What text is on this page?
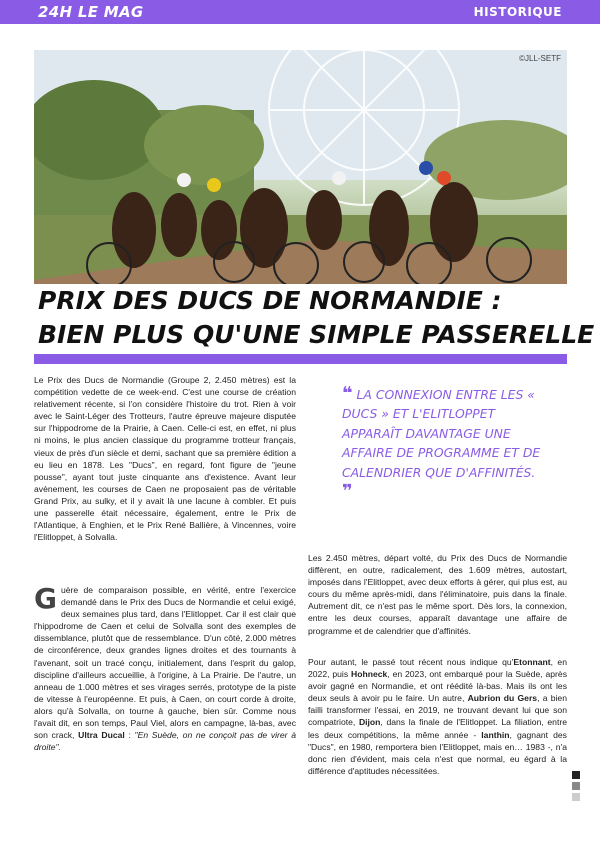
24H LE MAG	HISTORIQUE
©JLL-SETF
PRIX DES DUCS DE NORMANDIE :
BIEN PLUS QU'UNE SIMPLE PASSERELLE

Le Prix des Ducs de Normandie (Groupe 2, 2.450 mètres) est la compétition vedette de ce week-end. C'est une course de création relativement récente, si l'on considère l'histoire du trot. Rien à voir avec le Saint-Léger des Trotteurs, l'autre épreuve majeure disputée sur l'hippodrome de la Prairie, à Caen. Celle-ci est, en effet, ni plus ni moins, le plus ancien classique du programme trotteur français, vieux de près d'un siècle et demi, sachant que sa première édition a eu lieu en 1878. Les "Ducs", en regard, font figure de "jeune pousse", ayant tout juste cinquante ans d'existence. Avant leur avènement, les courses de Caen ne proposaient pas de véritable Grand Prix, au sulky, et il y avait là une lacune à combler. Et puis une passerelle était nécessaire, également, entre le Prix de l'Atlantique, à Enghien, et le Prix René Ballière, à Vincennes, voire l'Elitloppet, à Solvalla.

Guère de comparaison possible, en vérité, entre l'exercice demandé dans le Prix des Ducs de Normandie et celui exigé, deux semaines plus tard, dans l'Elitloppet. Car il est clair que l'hippodrome de Caen et celui de Solvalla sont des exemples de dissemblance, plutôt que de ressemblance. D'un côté, 2.000 mètres de circonférence, deux grandes lignes droites et des tournants à l'avenant, soit un tracé conçu, initialement, dans l'esprit du galop, discipline d'ailleurs accueillie, à l'origine, à La Prairie. De l'autre, un anneau de 1.000 mètres et ses virages serrés, prototype de la piste de vitesse à l'européenne. Et puis, à Caen, on court corde à droite, alors qu'à Solvalla, on tourne à gauche, bien sûr. Comme nous l'avait dit, en son temps, Paul Viel, alors en campagne, là-bas, avec son crack, Ultra Ducal : "En Suède, on ne conçoit pas de virer à droite".

❝ LA CONNEXION ENTRE LES « DUCS » ET L'ELITLOPPET APPARAÎT DAVANTAGE UNE AFFAIRE DE PROGRAMME ET DE CALENDRIER QUE D'AFFINITÉS. ❞

Les 2.450 mètres, départ volté, du Prix des Ducs de Normandie diffèrent, en outre, radicalement, des 1.609 mètres, autostart, imposés dans l'Elitloppet, avec deux efforts à gérer, qui plus est, au cours du même après-midi, dans l'éliminatoire, puis dans la finale. Autrement dit, ce n'est pas le même sport. Dès lors, la connexion, entre les deux courses, apparaît davantage une affaire de programme et de calendrier que d'affinités.

Pour autant, le passé tout récent nous indique qu'Etonnant, en 2022, puis Hohneck, en 2023, ont embarqué pour la Suède, après avoir gagné en Normandie, et ont réédité là-bas. Mais ils ont les deux seuls à avoir pu le faire. Un autre, Aubrion du Gers, a bien failli transformer l'essai, en 2019, ne trouvant devant lui que son compatriote, Dijon, dans la finale de l'Elitloppet. La filiation, entre les deux compétitions, la même année - Ianthin, gagnant des "Ducs", en 1980, remportera bien l'Elitloppet, mais en… 1983 -, n'a donc rien d'évident, mais cela n'est que normal, eu égard à la différence d'aptitudes nécessitées.
